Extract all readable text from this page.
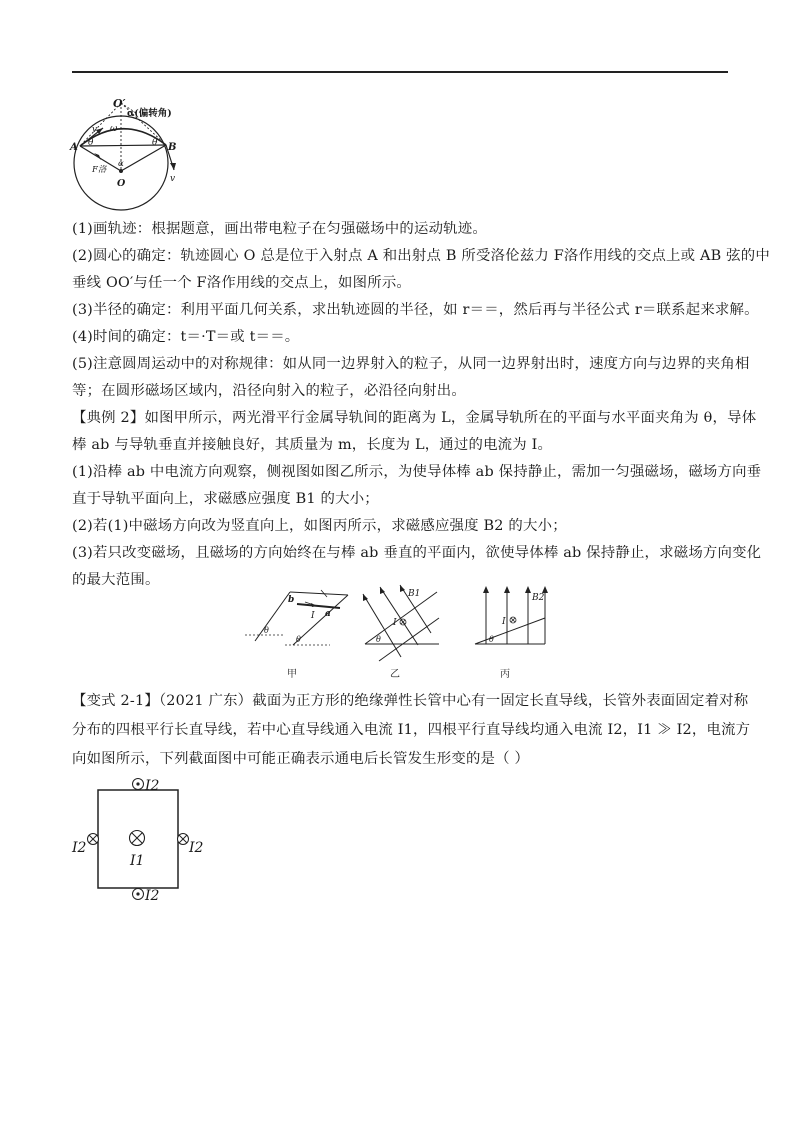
O′
α(偏转角)
v ω
A θ	θ B
F洛
α
O	v
(1)画轨迹：根据题意，画出带电粒子在匀强磁场中的运动轨迹。
(2)圆心的确定：轨迹圆心 O 总是位于入射点 A 和出射点 B 所受洛伦兹力 F洛作用线的交点上或 AB 弦的中
垂线 OO′与任一个 F洛作用线的交点上，如图所示。
(3)半径的确定：利用平面几何关系，求出轨迹圆的半径，如 r＝＝，然后再与半径公式 r＝联系起来求解。
(4)时间的确定：t＝·T＝或 t＝＝。
(5)注意圆周运动中的对称规律：如从同一边界射入的粒子，从同一边界射出时，速度方向与边界的夹角相
等；在圆形磁场区域内，沿径向射入的粒子，必沿径向射出。
【典例 2】如图甲所示，两光滑平行金属导轨间的距离为 L，金属导轨所在的平面与水平面夹角为 θ，导体
棒 ab 与导轨垂直并接触良好，其质量为 m，长度为 L，通过的电流为 I。
(1)沿棒 ab 中电流方向观察，侧视图如图乙所示，为使导体棒 ab 保持静止，需加一匀强磁场，磁场方向垂
直于导轨平面向上，求磁感应强度 B1 的大小；
(2)若(1)中磁场方向改为竖直向上，如图丙所示，求磁感应强度 B2 的大小；
(3)若只改变磁场，且磁场的方向始终在与棒 ab 垂直的平面内，欲使导体棒 ab 保持静止，求磁场方向变化
的最大范围。
b
a
I
θ
θ
甲
B1
I
θ
乙
B2
I
θ
丙
【变式 2-1】（2021 广东）截面为正方形的绝缘弹性长管中心有一固定长直导线，长管外表面固定着对称
分布的四根平行长直导线，若中心直导线通入电流 I1，四根平行直导线均通入电流 I2，I1 ≫ I2，电流方
向如图所示，下列截面图中可能正确表示通电后长管发生形变的是（ ）
I2
I2
I2	I2
I1
